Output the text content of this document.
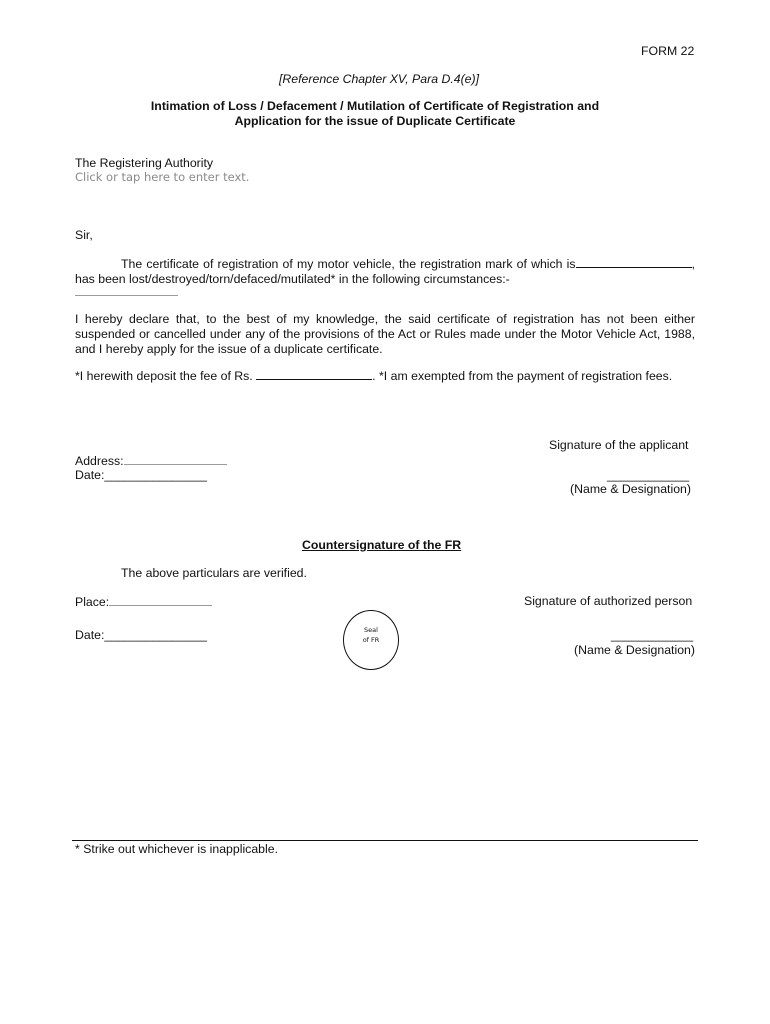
FORM 22
[Reference Chapter XV, Para D.4(e)]
Intimation of Loss / Defacement / Mutilation of Certificate of Registration and
Application for the issue of Duplicate Certificate
The Registering Authority
Click or tap here to enter text.
Sir,
The certificate of registration of my motor vehicle, the registration mark of which is	, has been lost/destroyed/torn/defaced/mutilated* in the following circumstances:-
I hereby declare that, to the best of my knowledge, the said certificate of registration has not been either suspended or cancelled under any of the provisions of the Act or Rules made under the Motor Vehicle Act, 1988, and I hereby apply for the issue of a duplicate certificate.
*I herewith deposit the fee of Rs.	. *I am exempted from the payment of registration fees.
Signature of the applicant
Address:
____________
Date:_______________
(Name & Designation)
Countersignature of the FR
The above particulars are verified.
Place:	Signature of authorized person
Seal
of FR
Date:_______________	____________
(Name & Designation)
* Strike out whichever is inapplicable.
